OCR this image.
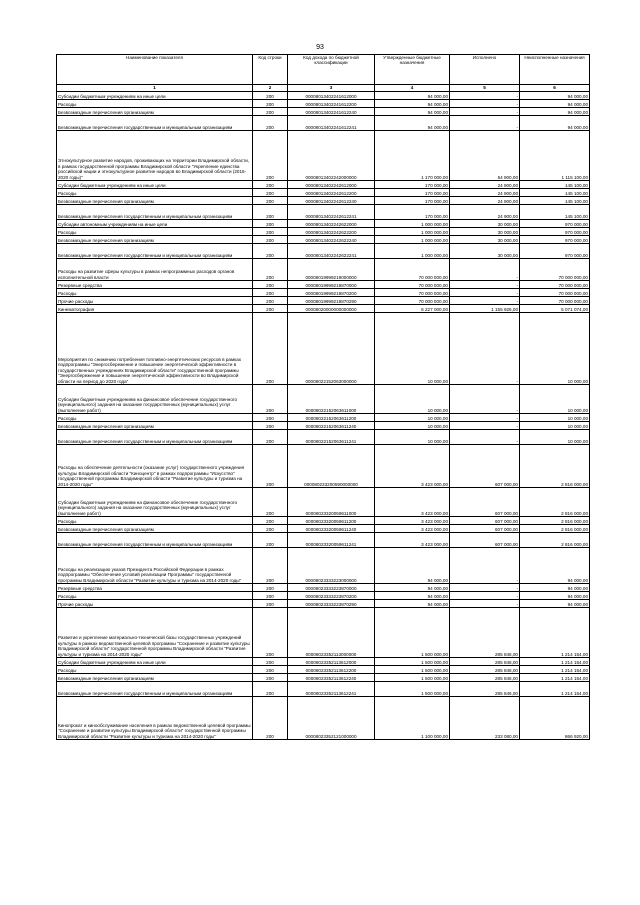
93
Наименование показателя	Код строки	Код дохода по бюджетной классификации	Утвержденные бюджетные назначения	Исполнено	Неисполненные назначения
1	2	3	4	5	6
Субсидии бюджетным учреждениям на иные цели	200	00008013402241612000	94 000,00	-	94 000,00
Расходы	200	00008013402241612200	94 000,00	-	94 000,00
Безвозмездные перечисления организациям	200	00008013402241612240	94 000,00	-	94 000,00
Безвозмездные перечисления государственным и муниципальным организациям	200	00008013402241612241	94 000,00	-	94 000,00
Этнокультурное развитие народов, проживающих на территории Владимирской области, в рамках государственной программы Владимирской области "Укрепление единства российской нации и этнокультурное развитие народов во Владимирской области (2015-2020 годы)"	200	00008013402242000000	1 170 000,00	54 900,00	1 115 100,00
Субсидии бюджетным учреждениям на иные цели	200	00008013402242612000	170 000,00	24 900,00	145 100,00
Расходы	200	00008013402242612200	170 000,00	24 900,00	145 100,00
Безвозмездные перечисления организациям	200	00008013402242612240	170 000,00	24 900,00	145 100,00
Безвозмездные перечисления государственным и муниципальным организациям	200	00008013402242612241	170 000,00	24 900,00	145 100,00
Субсидии автономным учреждениям на иные цели	200	00008013402242622000	1 000 000,00	30 000,00	970 000,00
Расходы	200	00008013402242622200	1 000 000,00	30 000,00	970 000,00
Безвозмездные перечисления организациям	200	00008013402242622240	1 000 000,00	30 000,00	970 000,00
Безвозмездные перечисления государственным и муниципальным организациям	200	00008013402242622241	1 000 000,00	30 000,00	970 000,00
Расходы на развитие сферы культуры в рамках непрограммных расходов органов исполнительной власти	200	00008019999219000000	70 000 000,00	-	70 000 000,00
Резервные средства	200	00008019999219870000	70 000 000,00	-	70 000 000,00
Расходы	200	00008019999219870200	70 000 000,00	-	70 000 000,00
Прочие расходы	200	00008019999219870290	70 000 000,00	-	70 000 000,00
Кинематография	200	00008020000000000000	6 227 000,00	1 155 926,00	5 071 074,00
Мероприятия по снижению потребления топливно-энергетических ресурсов в рамках подпрограммы "Энергосбережение и повышение энергетической эффективности в государственных учреждениях Владимирской области" государственной программы "Энергосбережение и повышение энергетической эффективности во Владимирской области на период до 2020 года"	200	00008022152063000000	10 000,00	-	10 000,00
Субсидии бюджетным учреждениям на финансовое обеспечение государственного (муниципального) задания на оказание государственных (муниципальных) услуг (выполнение работ)	200	00008022152063611000	10 000,00	-	10 000,00
Расходы	200	00008022152063611200	10 000,00	-	10 000,00
Безвозмездные перечисления организациям	200	00008022152063611240	10 000,00	-	10 000,00
Безвозмездные перечисления государственным и муниципальным организациям	200	00008022152063611241	10 000,00	-	10 000,00
Расходы на обеспечение деятельности (оказание услуг) государственного учреждения культуры Владимирской области "Кинoцентр" в рамках подпрограммы "Искусство" государственной программы Владимирской области "Развитие культуры и туризма на 2014-2020 годы"	200	000080233200590000000	3 423 000,00	607 000,00	2 816 000,00
Субсидии бюджетным учреждениям на финансовое обеспечение государственного (муниципального) задания на оказание государственных (муниципальных) услуг (выполнение работ)	200	00008023320059611000	3 423 000,00	607 000,00	2 816 000,00
Расходы	200	00008023320059611200	3 423 000,00	607 000,00	2 816 000,00
Безвозмездные перечисления организациям	200	00008023320059611240	3 423 000,00	607 000,00	2 816 000,00
Безвозмездные перечисления государственным и муниципальным организациям	200	00008023320059611241	3 423 000,00	607 000,00	2 816 000,00
Расходы на реализацию указов Президента Российской Федерации в рамках подпрограммы "Обеспечение условий реализации Программы" государственной программы Владимирской области "Развитие культуры и туризма на 2014-2020 годы"	200	00008023333223000000	94 000,00	-	94 000,00
Резервные средства	200	00008023333223870000	94 000,00	-	94 000,00
Расходы	200	00008023333223870200	94 000,00	-	94 000,00
Прочие расходы	200	00008023333223870290	94 000,00	-	94 000,00
Развитие и укрепление материально-технической базы государственных учреждений культуры в рамках ведомственной целевой программы "Сохранение и развитие культуры Владимирской области" государственной программы Владимирской области "Развитие культуры и туризма на 2014-2020 годы"	200	00008023352113000000	1 500 000,00	285 846,00	1 214 154,00
Субсидии бюджетным учреждениям на иные цели	200	00008023352113612000	1 500 000,00	285 846,00	1 214 154,00
Расходы	200	00008023352113612200	1 500 000,00	285 846,00	1 214 154,00
Безвозмездные перечисления организациям	200	00008023352113612240	1 500 000,00	285 846,00	1 214 154,00
Безвозмездные перечисления государственным и муниципальным организациям	200	00008023352113612241	1 500 000,00	285 846,00	1 214 154,00
Кинопрокат и кинообслуживание населения в рамках ведомственной целевой программы "Сохранение и развитие культуры Владимирской области" государственной программы Владимирской области "Развитие культуры и туризма на 2014-2020 годы"	200	00008023352121000000	1 100 000,00	233 080,00	866 920,00
